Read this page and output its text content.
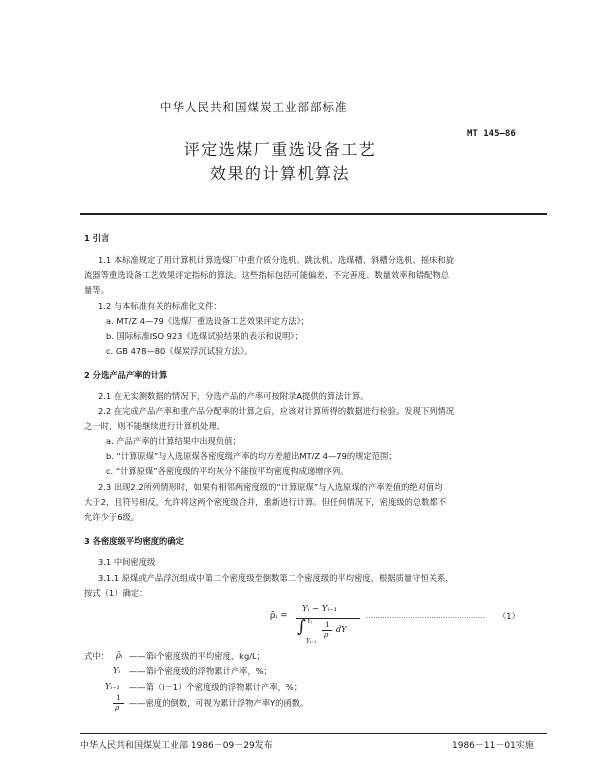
中华人民共和国煤炭工业部部标准
MT 145—86
评定选煤厂重选设备工艺
效果的计算机算法
1 引言
1.1 本标准规定了用计算机计算选煤厂中重介质分选机、跳汰机、选煤槽、斜槽分选机、摇床和旋
流器等重选设备工艺效果评定指标的算法。这些指标包括可能偏差、不完善度、数量效率和错配物总
量等。
1.2 与本标准有关的标准化文件：
a. MT/Z 4—79《选煤厂重选设备工艺效果评定方法》；
b. 国际标准ISO 923《选煤试验结果的表示和说明》；
c. GB 478—80《煤炭浮沉试验方法》。
2 分选产品产率的计算
2.1 在无实测数据的情况下，分选产品的产率可按附录A提供的算法计算。
2.2 在完成产品产率和重产品分配率的计算之后，应该对计算所得的数据进行检验。发现下列情况
之一时，则不能继续进行计算机处理。
a. 产品产率的计算结果中出现负值；
b. “计算原煤”与入选原煤各密度级产率的均方差超出MT/Z 4—79的规定范围；
c. “计算原煤”各密度级的平均灰分不能按平均密度构成递增序列。
2.3 出现2.2所列情形时，如果有相邻两密度级的“计算原煤”与入选原煤的产率差值的绝对值均
大于2，且符号相反，允许将这两个密度级合并，重新进行计算。但任何情况下，密度级的总数都不
允许少于6级。
3 各密度级平均密度的确定
3.1 中间密度级
3.1.1 原煤或产品浮沉组成中第二个密度级至倒数第二个密度级的平均密度，根据质量守恒关系，
按式（1）确定：
ρ̄ᵢ =
Yᵢ − Yᵢ₋₁
∫ Yᵢ
Yᵢ₋₁
1
ρ
dY
…………………………………………… （1）
式中： ρ̄ᵢ ——第i个密度级的平均密度，kg/L；
Yᵢ ——第i个密度级的浮物累计产率，%；
Yᵢ₋₁ ——第（i－1）个密度级的浮物累计产率，%；
1
ρ ——密度的倒数，可视为累计浮物产率Y的函数。
中华人民共和国煤炭工业部 1986－09－29发布	1986－11－01实施
